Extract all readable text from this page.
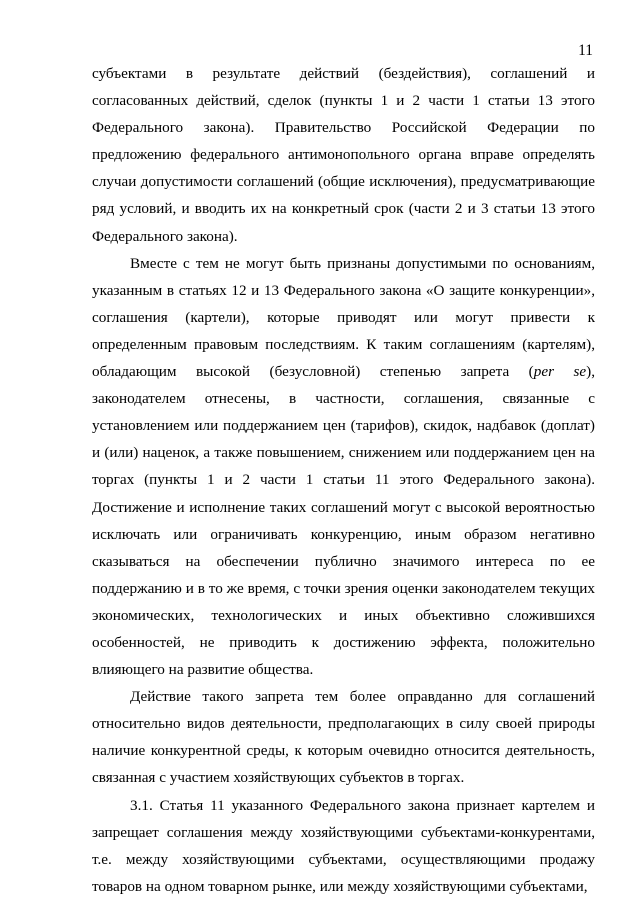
11

субъектами в результате действий (бездействия), соглашений и согласованных действий, сделок (пункты 1 и 2 части 1 статьи 13 этого Федерального закона). Правительство Российской Федерации по предложению федерального антимонопольного органа вправе определять случаи допустимости соглашений (общие исключения), предусматривающие ряд условий, и вводить их на конкретный срок (части 2 и 3 статьи 13 этого Федерального закона).

Вместе с тем не могут быть признаны допустимыми по основаниям, указанным в статьях 12 и 13 Федерального закона «О защите конкуренции», соглашения (картели), которые приводят или могут привести к определенным правовым последствиям. К таким соглашениям (картелям), обладающим высокой (безусловной) степенью запрета (per se), законодателем отнесены, в частности, соглашения, связанные с установлением или поддержанием цен (тарифов), скидок, надбавок (доплат) и (или) наценок, а также повышением, снижением или поддержанием цен на торгах (пункты 1 и 2 части 1 статьи 11 этого Федерального закона). Достижение и исполнение таких соглашений могут с высокой вероятностью исключать или ограничивать конкуренцию, иным образом негативно сказываться на обеспечении публично значимого интереса по ее поддержанию и в то же время, с точки зрения оценки законодателем текущих экономических, технологических и иных объективно сложившихся особенностей, не приводить к достижению эффекта, положительно влияющего на развитие общества.

Действие такого запрета тем более оправданно для соглашений относительно видов деятельности, предполагающих в силу своей природы наличие конкурентной среды, к которым очевидно относится деятельность, связанная с участием хозяйствующих субъектов в торгах.

3.1. Статья 11 указанного Федерального закона признает картелем и запрещает соглашения между хозяйствующими субъектами-конкурентами, т.е. между хозяйствующими субъектами, осуществляющими продажу товаров на одном товарном рынке, или между хозяйствующими субъектами,
